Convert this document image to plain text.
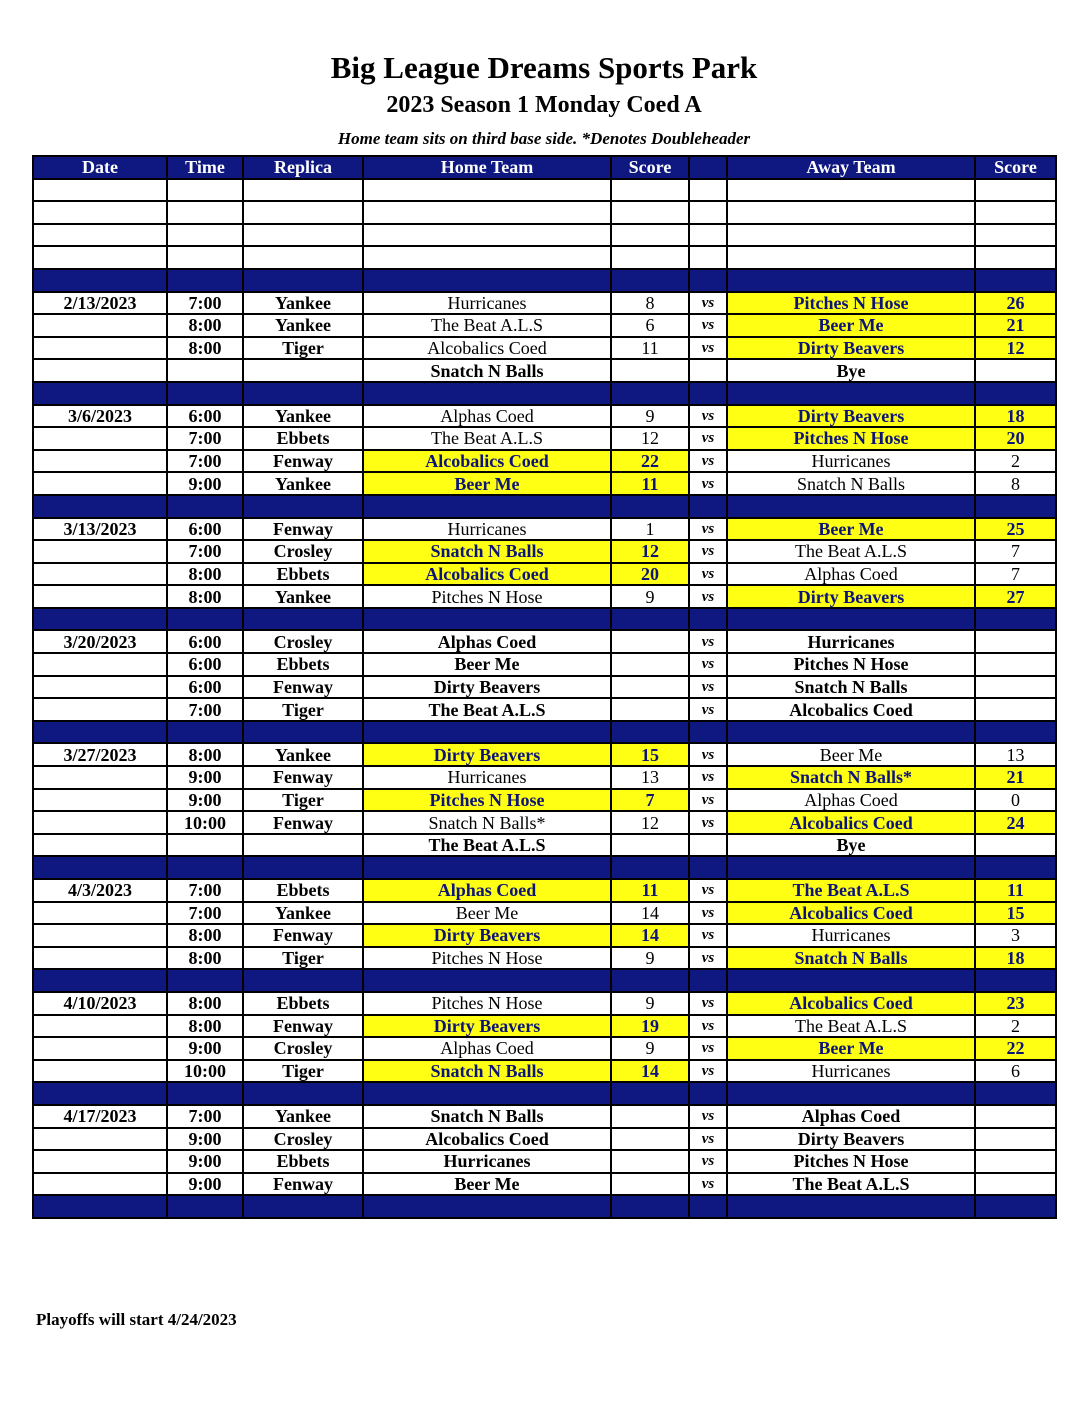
Big League Dreams Sports Park
2023 Season 1 Monday Coed A
Home team sits on third base side. *Denotes Doubleheader
Date	Time	Replica	Home Team	Score		Away Team	Score

2/13/2023	7:00	Yankee	Hurricanes	8	vs	Pitches N Hose	26
	8:00	Yankee	The Beat A.L.S	6	vs	Beer Me	21
	8:00	Tiger	Alcobalics Coed	11	vs	Dirty Beavers	12
			Snatch N Balls			Bye	

3/6/2023	6:00	Yankee	Alphas Coed	9	vs	Dirty Beavers	18
	7:00	Ebbets	The Beat A.L.S	12	vs	Pitches N Hose	20
	7:00	Fenway	Alcobalics Coed	22	vs	Hurricanes	2
	9:00	Yankee	Beer Me	11	vs	Snatch N Balls	8

3/13/2023	6:00	Fenway	Hurricanes	1	vs	Beer Me	25
	7:00	Crosley	Snatch N Balls	12	vs	The Beat A.L.S	7
	8:00	Ebbets	Alcobalics Coed	20	vs	Alphas Coed	7
	8:00	Yankee	Pitches N Hose	9	vs	Dirty Beavers	27

3/20/2023	6:00	Crosley	Alphas Coed		vs	Hurricanes	
	6:00	Ebbets	Beer Me		vs	Pitches N Hose	
	6:00	Fenway	Dirty Beavers		vs	Snatch N Balls	
	7:00	Tiger	The Beat A.L.S		vs	Alcobalics Coed	

3/27/2023	8:00	Yankee	Dirty Beavers	15	vs	Beer Me	13
	9:00	Fenway	Hurricanes	13	vs	Snatch N Balls*	21
	9:00	Tiger	Pitches N Hose	7	vs	Alphas Coed	0
	10:00	Fenway	Snatch N Balls*	12	vs	Alcobalics Coed	24
			The Beat A.L.S			Bye	

4/3/2023	7:00	Ebbets	Alphas Coed	11	vs	The Beat A.L.S	11
	7:00	Yankee	Beer Me	14	vs	Alcobalics Coed	15
	8:00	Fenway	Dirty Beavers	14	vs	Hurricanes	3
	8:00	Tiger	Pitches N Hose	9	vs	Snatch N Balls	18

4/10/2023	8:00	Ebbets	Pitches N Hose	9	vs	Alcobalics Coed	23
	8:00	Fenway	Dirty Beavers	19	vs	The Beat A.L.S	2
	9:00	Crosley	Alphas Coed	9	vs	Beer Me	22
	10:00	Tiger	Snatch N Balls	14	vs	Hurricanes	6

4/17/2023	7:00	Yankee	Snatch N Balls		vs	Alphas Coed	
	9:00	Crosley	Alcobalics Coed		vs	Dirty Beavers	
	9:00	Ebbets	Hurricanes		vs	Pitches N Hose	
	9:00	Fenway	Beer Me		vs	The Beat A.L.S	

Playoffs will start 4/24/2023
